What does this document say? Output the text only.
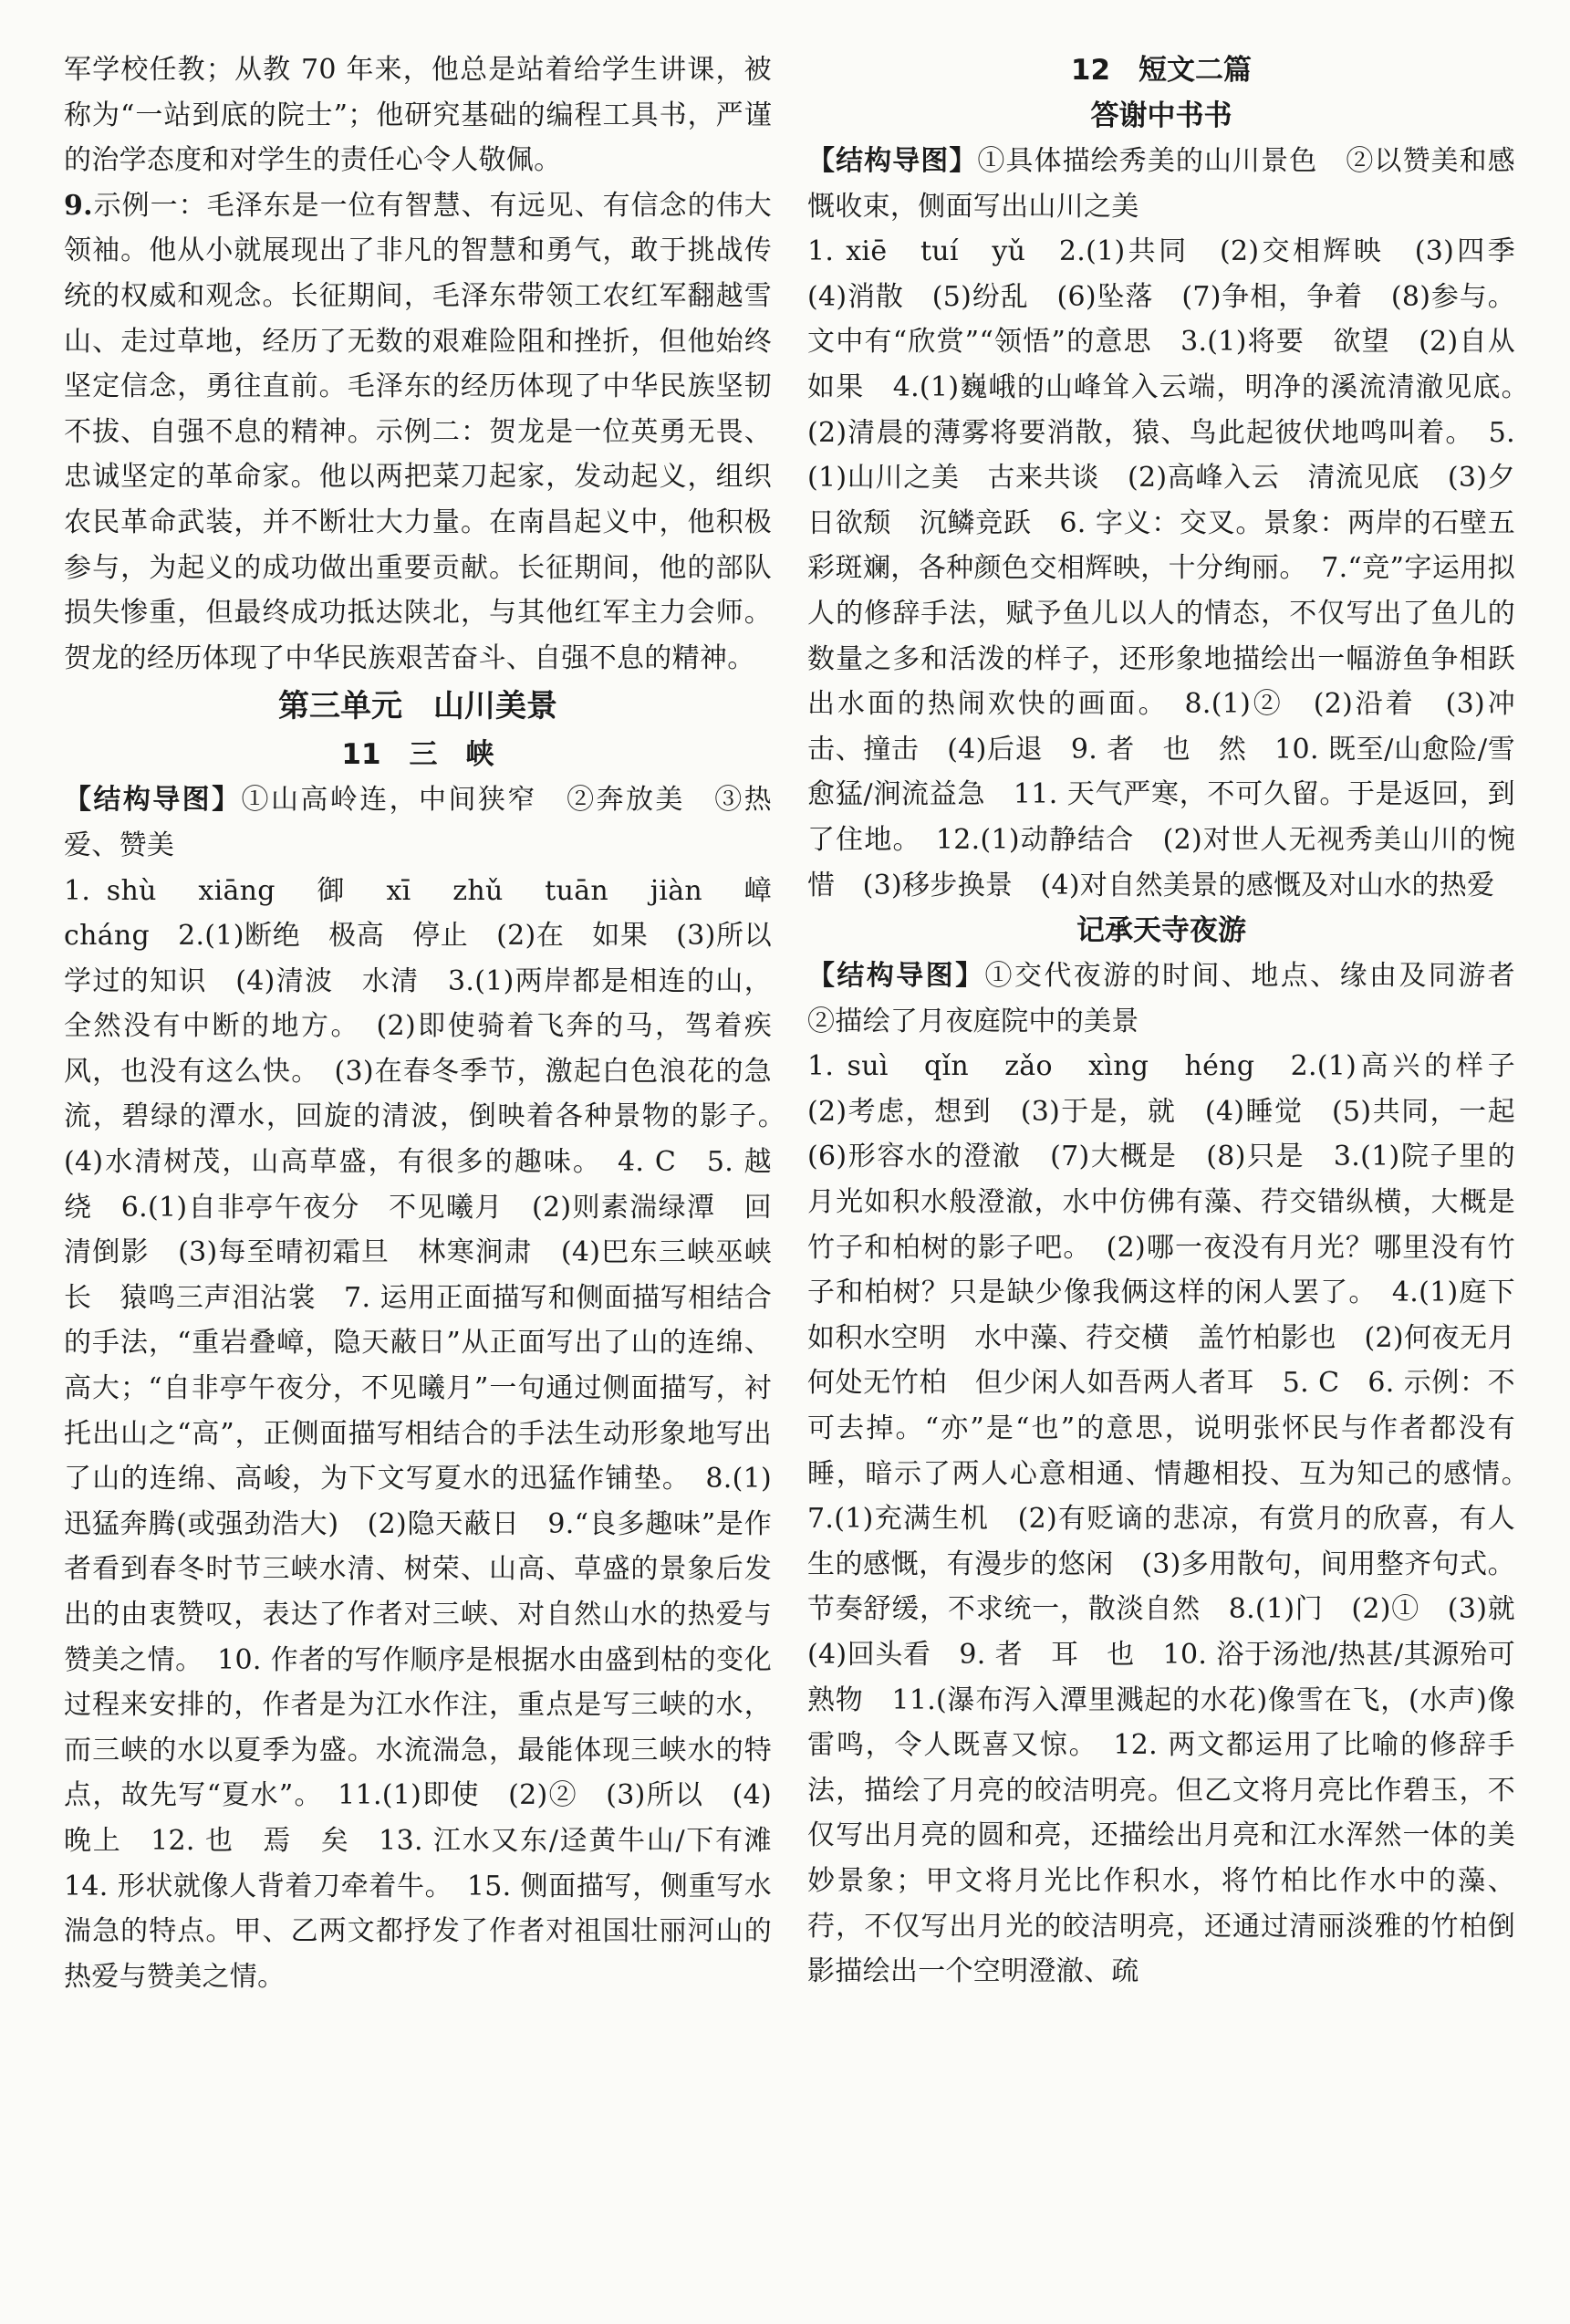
军学校任教；从教 70 年来，他总是站着给学生讲课，被称为“一站到底的院士”；他研究基础的编程工具书，严谨的治学态度和对学生的责任心令人敬佩。

9.示例一：毛泽东是一位有智慧、有远见、有信念的伟大领袖。他从小就展现出了非凡的智慧和勇气，敢于挑战传统的权威和观念。长征期间，毛泽东带领工农红军翻越雪山、走过草地，经历了无数的艰难险阻和挫折，但他始终坚定信念，勇往直前。毛泽东的经历体现了中华民族坚韧不拔、自强不息的精神。示例二：贺龙是一位英勇无畏、忠诚坚定的革命家。他以两把菜刀起家，发动起义，组织农民革命武装，并不断壮大力量。在南昌起义中，他积极参与，为起义的成功做出重要贡献。长征期间，他的部队损失惨重，但最终成功抵达陕北，与其他红军主力会师。贺龙的经历体现了中华民族艰苦奋斗、自强不息的精神。

第三单元　山川美景
11　三　峡

【结构导图】①山高岭连，中间狭窄　②奔放美　③热爱、赞美

1. shù　xiāng　御　xī　zhǔ　tuān　jiàn　嶂　cháng　2.(1)断绝　极高　停止　(2)在　如果　(3)所以　学过的知识　(4)清波　水清　3.(1)两岸都是相连的山，全然没有中断的地方。　(2)即使骑着飞奔的马，驾着疾风，也没有这么快。　(3)在春冬季节，激起白色浪花的急流，碧绿的潭水，回旋的清波，倒映着各种景物的影子。　(4)水清树茂，山高草盛，有很多的趣味。　4. C　5. 越　绕　6.(1)自非亭午夜分　不见曦月　(2)则素湍绿潭　回清倒影　(3)每至晴初霜旦　林寒涧肃　(4)巴东三峡巫峡长　猿鸣三声泪沾裳　7. 运用正面描写和侧面描写相结合的手法，“重岩叠嶂，隐天蔽日”从正面写出了山的连绵、高大；“自非亭午夜分，不见曦月”一句通过侧面描写，衬托出山之“高”，正侧面描写相结合的手法生动形象地写出了山的连绵、高峻，为下文写夏水的迅猛作铺垫。　8.(1)迅猛奔腾(或强劲浩大)　(2)隐天蔽日　9.“良多趣味”是作者看到春冬时节三峡水清、树荣、山高、草盛的景象后发出的由衷赞叹，表达了作者对三峡、对自然山水的热爱与赞美之情。　10. 作者的写作顺序是根据水由盛到枯的变化过程来安排的，作者是为江水作注，重点是写三峡的水，而三峡的水以夏季为盛。水流湍急，最能体现三峡水的特点，故先写“夏水”。　11.(1)即使　(2)②　(3)所以　(4)晚上　12. 也　焉　矣　13. 江水又东/迳黄牛山/下有滩　14. 形状就像人背着刀牵着牛。　15. 侧面描写，侧重写水湍急的特点。甲、乙两文都抒发了作者对祖国壮丽河山的热爱与赞美之情。

12　短文二篇
答谢中书书

【结构导图】①具体描绘秀美的山川景色　②以赞美和感慨收束，侧面写出山川之美

1. xiē　tuí　yǔ　2.(1)共同　(2)交相辉映　(3)四季　(4)消散　(5)纷乱　(6)坠落　(7)争相，争着　(8)参与。文中有“欣赏”“领悟”的意思　3.(1)将要　欲望　(2)自从　如果　4.(1)巍峨的山峰耸入云端，明净的溪流清澈见底。　(2)清晨的薄雾将要消散，猿、鸟此起彼伏地鸣叫着。　5.(1)山川之美　古来共谈　(2)高峰入云　清流见底　(3)夕日欲颓　沉鳞竞跃　6. 字义：交叉。景象：两岸的石壁五彩斑斓，各种颜色交相辉映，十分绚丽。　7.“竞”字运用拟人的修辞手法，赋予鱼儿以人的情态，不仅写出了鱼儿的数量之多和活泼的样子，还形象地描绘出一幅游鱼争相跃出水面的热闹欢快的画面。　8.(1)②　(2)沿着　(3)冲击、撞击　(4)后退　9. 者　也　然　10. 既至/山愈险/雪愈猛/涧流益急　11. 天气严寒，不可久留。于是返回，到了住地。　12.(1)动静结合　(2)对世人无视秀美山川的惋惜　(3)移步换景　(4)对自然美景的感慨及对山水的热爱

记承天寺夜游

【结构导图】①交代夜游的时间、地点、缘由及同游者　②描绘了月夜庭院中的美景

1. suì　qǐn　zǎo　xìng　héng　2.(1)高兴的样子　(2)考虑，想到　(3)于是，就　(4)睡觉　(5)共同，一起　(6)形容水的澄澈　(7)大概是　(8)只是　3.(1)院子里的月光如积水般澄澈，水中仿佛有藻、荇交错纵横，大概是竹子和柏树的影子吧。　(2)哪一夜没有月光？哪里没有竹子和柏树？只是缺少像我俩这样的闲人罢了。　4.(1)庭下如积水空明　水中藻、荇交横　盖竹柏影也　(2)何夜无月　何处无竹柏　但少闲人如吾两人者耳　5. C　6. 示例：不可去掉。“亦”是“也”的意思，说明张怀民与作者都没有睡，暗示了两人心意相通、情趣相投、互为知己的感情。　7.(1)充满生机　(2)有贬谪的悲凉，有赏月的欣喜，有人生的感慨，有漫步的悠闲　(3)多用散句，间用整齐句式。节奏舒缓，不求统一，散淡自然　8.(1)门　(2)①　(3)就　(4)回头看　9. 者　耳　也　10. 浴于汤池/热甚/其源殆可熟物　11.(瀑布泻入潭里溅起的水花)像雪在飞，(水声)像雷鸣，令人既喜又惊。　12. 两文都运用了比喻的修辞手法，描绘了月亮的皎洁明亮。但乙文将月亮比作碧玉，不仅写出月亮的圆和亮，还描绘出月亮和江水浑然一体的美妙景象；甲文将月光比作积水，将竹柏比作水中的藻、荇，不仅写出月光的皎洁明亮，还通过清丽淡雅的竹柏倒影描绘出一个空明澄澈、疏
